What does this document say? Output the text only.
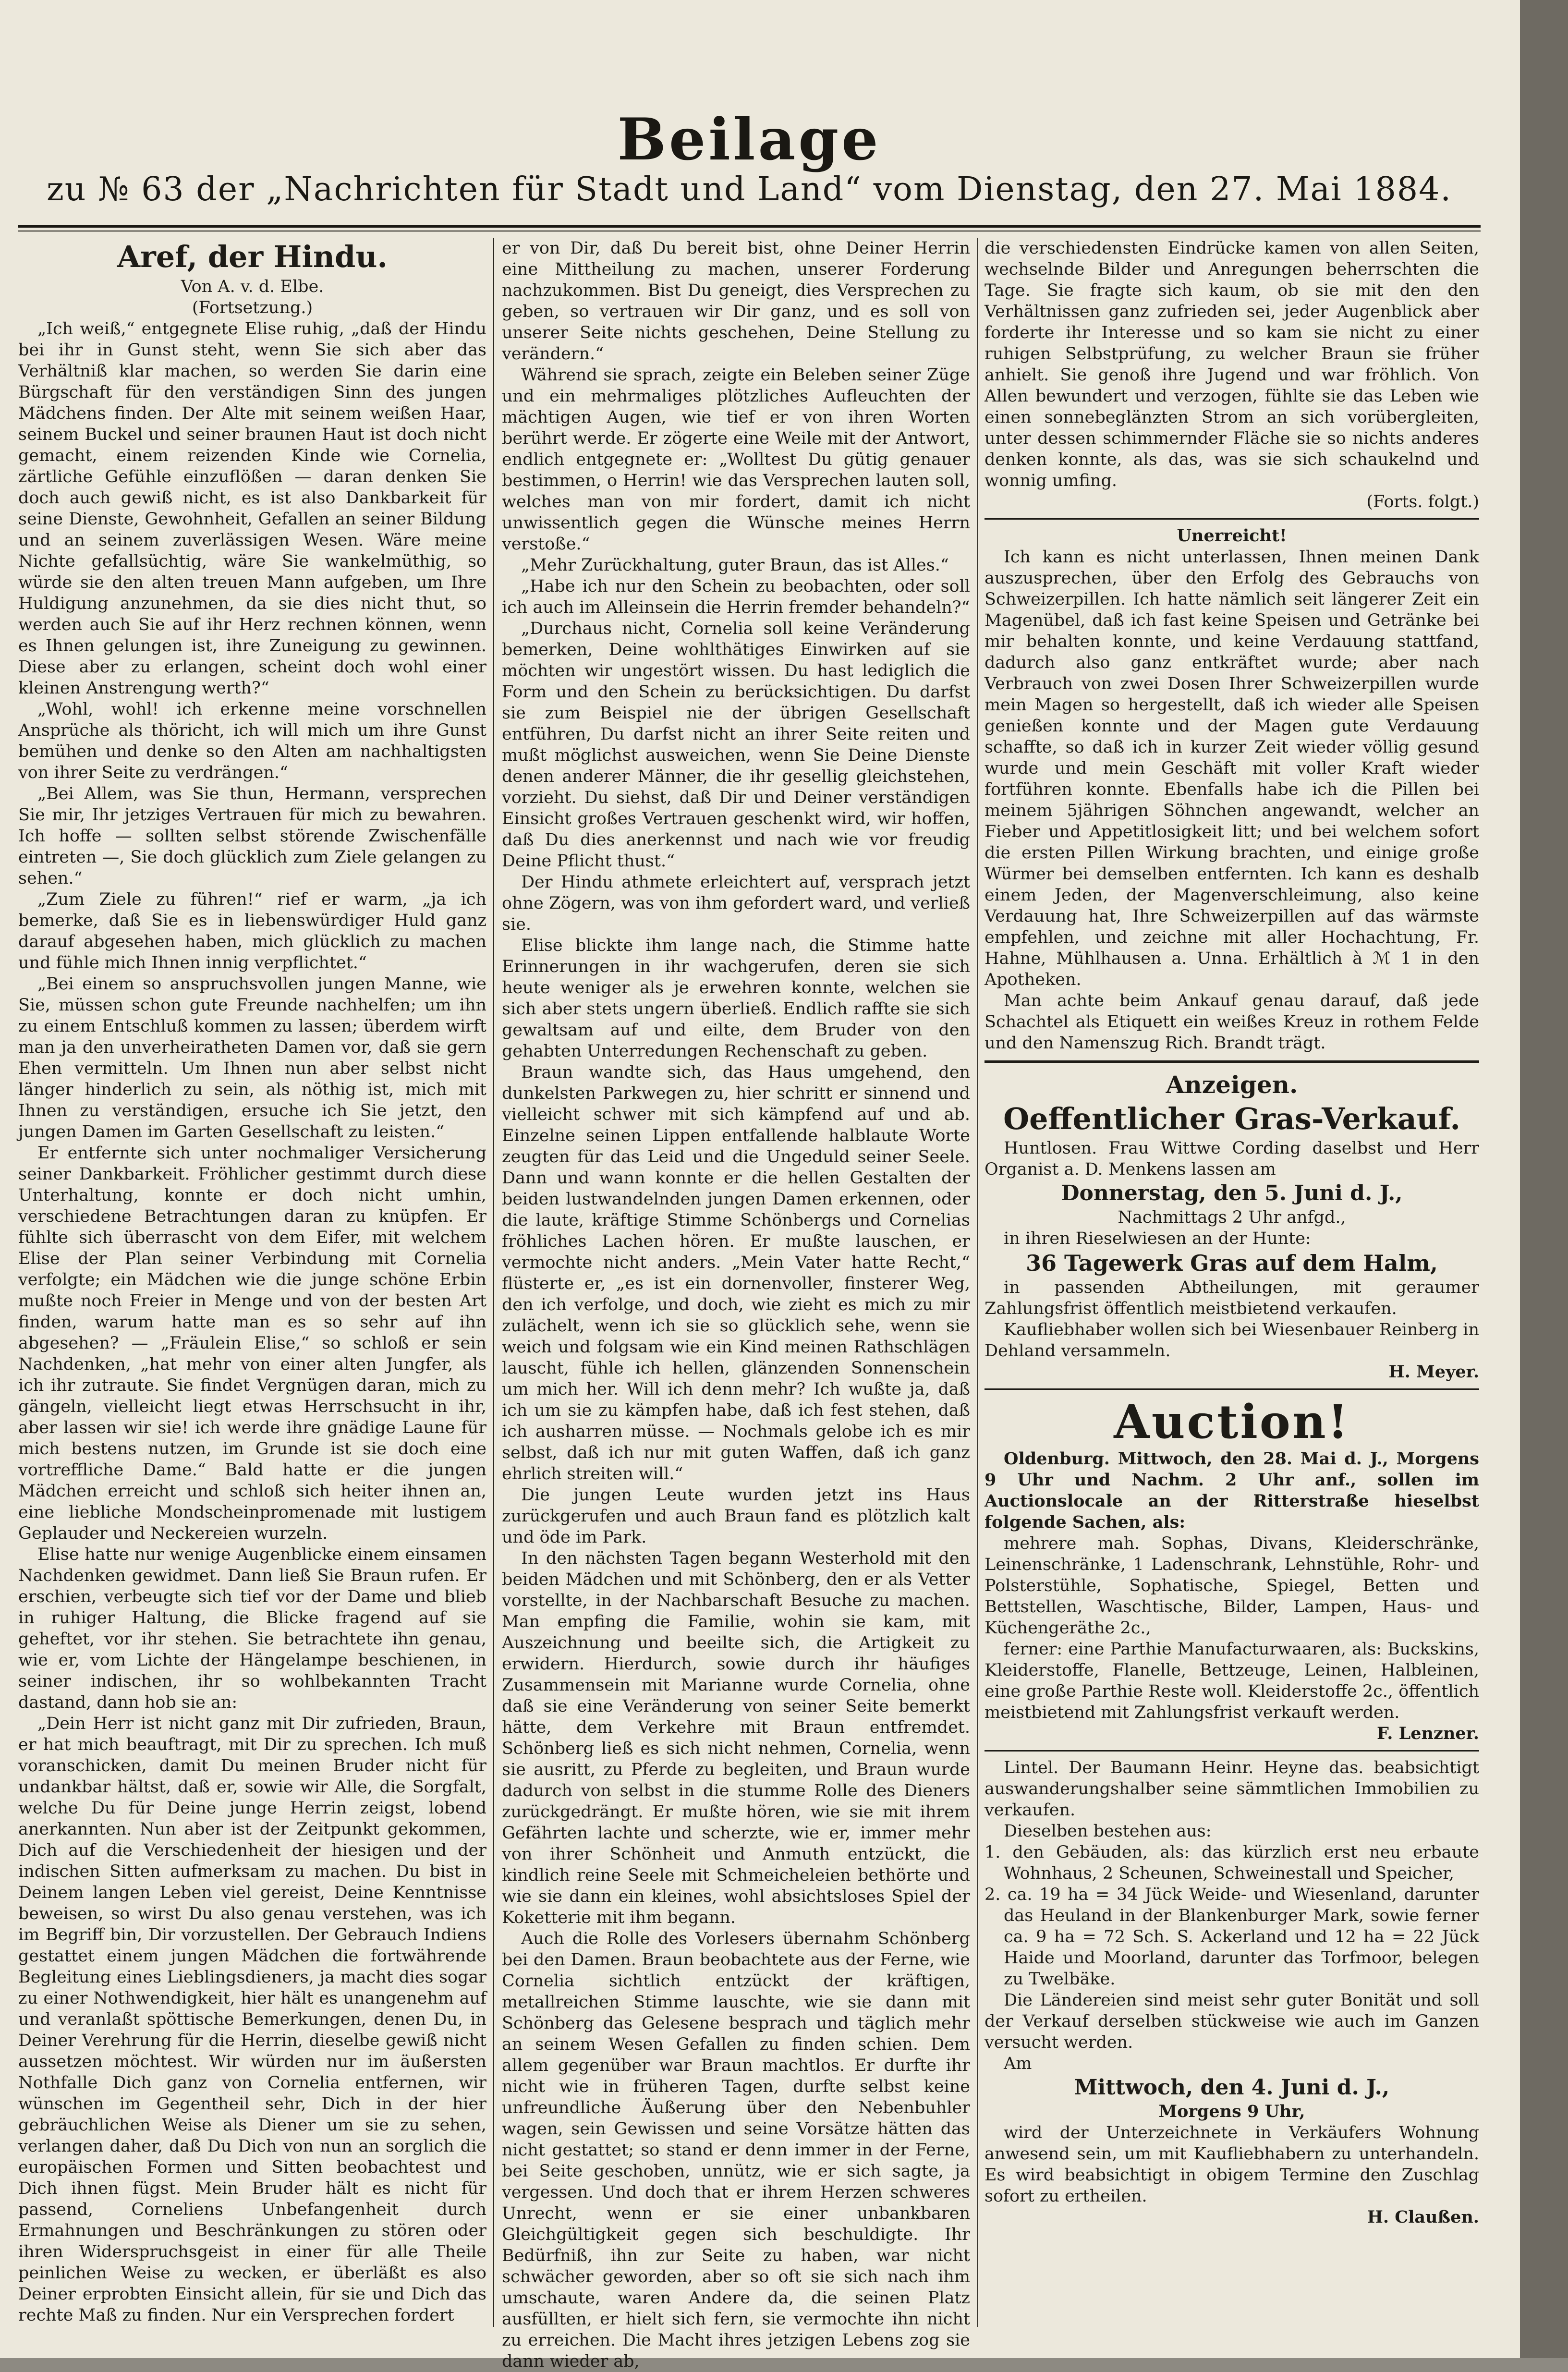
Beilage
zu № 63 der „Nachrichten für Stadt und Land“ vom Dienstag, den 27. Mai 1884.

Aref, der Hindu.

Von A. v. d. Elbe.

(Fortsetzung.)

„Ich weiß,“ entgegnete Elise ruhig, „daß der Hindu bei ihr in Gunst steht, wenn Sie sich aber das Verhältniß klar machen, so werden Sie darin eine Bürgschaft für den verständigen Sinn des jungen Mädchens finden. Der Alte mit seinem weißen Haar, seinem Buckel und seiner braunen Haut ist doch nicht gemacht, einem reizenden Kinde wie Cornelia, zärtliche Gefühle einzuflößen — daran denken Sie doch auch gewiß nicht, es ist also Dankbarkeit für seine Dienste, Gewohnheit, Gefallen an seiner Bildung und an seinem zuverlässigen Wesen. Wäre meine Nichte gefallsüchtig, wäre Sie wankelmüthig, so würde sie den alten treuen Mann aufgeben, um Ihre Huldigung anzunehmen, da sie dies nicht thut, so werden auch Sie auf ihr Herz rechnen können, wenn es Ihnen gelungen ist, ihre Zuneigung zu gewinnen. Diese aber zu erlangen, scheint doch wohl einer kleinen Anstrengung werth?“

„Wohl, wohl! ich erkenne meine vorschnellen Ansprüche als thöricht, ich will mich um ihre Gunst bemühen und denke so den Alten am nachhaltigsten von ihrer Seite zu verdrängen.“

„Bei Allem, was Sie thun, Hermann, versprechen Sie mir, Ihr jetziges Vertrauen für mich zu bewahren. Ich hoffe — sollten selbst störende Zwischenfälle eintreten —, Sie doch glücklich zum Ziele gelangen zu sehen.“

„Zum Ziele zu führen!“ rief er warm, „ja ich bemerke, daß Sie es in liebenswürdiger Huld ganz darauf abgesehen haben, mich glücklich zu machen und fühle mich Ihnen innig verpflichtet.“

„Bei einem so anspruchsvollen jungen Manne, wie Sie, müssen schon gute Freunde nachhelfen; um ihn zu einem Entschluß kommen zu lassen; überdem wirft man ja den unverheiratheten Damen vor, daß sie gern Ehen vermitteln. Um Ihnen nun aber selbst nicht länger hinderlich zu sein, als nöthig ist, mich mit Ihnen zu verständigen, ersuche ich Sie jetzt, den jungen Damen im Garten Gesellschaft zu leisten.“

Er entfernte sich unter nochmaliger Versicherung seiner Dankbarkeit. Fröhlicher gestimmt durch diese Unterhaltung, konnte er doch nicht umhin, verschiedene Betrachtungen daran zu knüpfen. Er fühlte sich überrascht von dem Eifer, mit welchem Elise der Plan seiner Verbindung mit Cornelia verfolgte; ein Mädchen wie die junge schöne Erbin mußte noch Freier in Menge und von der besten Art finden, warum hatte man es so sehr auf ihn abgesehen? — „Fräulein Elise,“ so schloß er sein Nachdenken, „hat mehr von einer alten Jungfer, als ich ihr zutraute. Sie findet Vergnügen daran, mich zu gängeln, vielleicht liegt etwas Herrschsucht in ihr, aber lassen wir sie! ich werde ihre gnädige Laune für mich bestens nutzen, im Grunde ist sie doch eine vortreffliche Dame.“ Bald hatte er die jungen Mädchen erreicht und schloß sich heiter ihnen an, eine liebliche Mondscheinpromenade mit lustigem Geplauder und Neckereien wurzeln.

Elise hatte nur wenige Augenblicke einem einsamen Nachdenken gewidmet. Dann ließ Sie Braun rufen. Er erschien, verbeugte sich tief vor der Dame und blieb in ruhiger Haltung, die Blicke fragend auf sie geheftet, vor ihr stehen. Sie betrachtete ihn genau, wie er, vom Lichte der Hängelampe beschienen, in seiner indischen, ihr so wohlbekannten Tracht dastand, dann hob sie an:

„Dein Herr ist nicht ganz mit Dir zufrieden, Braun, er hat mich beauftragt, mit Dir zu sprechen. Ich muß voranschicken, damit Du meinen Bruder nicht für undankbar hältst, daß er, sowie wir Alle, die Sorgfalt, welche Du für Deine junge Herrin zeigst, lobend anerkannten. Nun aber ist der Zeitpunkt gekommen, Dich auf die Verschiedenheit der hiesigen und der indischen Sitten aufmerksam zu machen. Du bist in Deinem langen Leben viel gereist, Deine Kenntnisse beweisen, so wirst Du also genau verstehen, was ich im Begriff bin, Dir vorzustellen. Der Gebrauch Indiens gestattet einem jungen Mädchen die fortwährende Begleitung eines Lieblingsdieners, ja macht dies sogar zu einer Nothwendigkeit, hier hält es unangenehm auf und veranlaßt spöttische Bemerkungen, denen Du, in Deiner Verehrung für die Herrin, dieselbe gewiß nicht aussetzen möchtest. Wir würden nur im äußersten Nothfalle Dich ganz von Cornelia entfernen, wir wünschen im Gegentheil sehr, Dich in der hier gebräuchlichen Weise als Diener um sie zu sehen, verlangen daher, daß Du Dich von nun an sorglich die europäischen Formen und Sitten beobachtest und Dich ihnen fügst. Mein Bruder hält es nicht für passend, Corneliens Unbefangenheit durch Ermahnungen und Beschränkungen zu stören oder ihren Widerspruchsgeist in einer für alle Theile peinlichen Weise zu wecken, er überläßt es also Deiner erprobten Einsicht allein, für sie und Dich das rechte Maß zu finden. Nur ein Versprechen fordert

er von Dir, daß Du bereit bist, ohne Deiner Herrin eine Mittheilung zu machen, unserer Forderung nachzukommen. Bist Du geneigt, dies Versprechen zu geben, so vertrauen wir Dir ganz, und es soll von unserer Seite nichts geschehen, Deine Stellung zu verändern.“

Während sie sprach, zeigte ein Beleben seiner Züge und ein mehrmaliges plötzliches Aufleuchten der mächtigen Augen, wie tief er von ihren Worten berührt werde. Er zögerte eine Weile mit der Antwort, endlich entgegnete er: „Wolltest Du gütig genauer bestimmen, o Herrin! wie das Versprechen lauten soll, welches man von mir fordert, damit ich nicht unwissentlich gegen die Wünsche meines Herrn verstoße.“

„Mehr Zurückhaltung, guter Braun, das ist Alles.“

„Habe ich nur den Schein zu beobachten, oder soll ich auch im Alleinsein die Herrin fremder behandeln?“

„Durchaus nicht, Cornelia soll keine Veränderung bemerken, Deine wohlthätiges Einwirken auf sie möchten wir ungestört wissen. Du hast lediglich die Form und den Schein zu berücksichtigen. Du darfst sie zum Beispiel nie der übrigen Gesellschaft entführen, Du darfst nicht an ihrer Seite reiten und mußt möglichst ausweichen, wenn Sie Deine Dienste denen anderer Männer, die ihr gesellig gleichstehen, vorzieht. Du siehst, daß Dir und Deiner verständigen Einsicht großes Vertrauen geschenkt wird, wir hoffen, daß Du dies anerkennst und nach wie vor freudig Deine Pflicht thust.“

Der Hindu athmete erleichtert auf, versprach jetzt ohne Zögern, was von ihm gefordert ward, und verließ sie.

Elise blickte ihm lange nach, die Stimme hatte Erinnerungen in ihr wachgerufen, deren sie sich heute weniger als je erwehren konnte, welchen sie sich aber stets ungern überließ. Endlich raffte sie sich gewaltsam auf und eilte, dem Bruder von den gehabten Unterredungen Rechenschaft zu geben.

Braun wandte sich, das Haus umgehend, den dunkelsten Parkwegen zu, hier schritt er sinnend und vielleicht schwer mit sich kämpfend auf und ab. Einzelne seinen Lippen entfallende halblaute Worte zeugten für das Leid und die Ungeduld seiner Seele. Dann und wann konnte er die hellen Gestalten der beiden lustwandelnden jungen Damen erkennen, oder die laute, kräftige Stimme Schönbergs und Cornelias fröhliches Lachen hören. Er mußte lauschen, er vermochte nicht anders. „Mein Vater hatte Recht,“ flüsterte er, „es ist ein dornenvoller, finsterer Weg, den ich verfolge, und doch, wie zieht es mich zu mir zulächelt, wenn ich sie so glücklich sehe, wenn sie weich und folgsam wie ein Kind meinen Rathschlägen lauscht, fühle ich hellen, glänzenden Sonnenschein um mich her. Will ich denn mehr? Ich wußte ja, daß ich um sie zu kämpfen habe, daß ich fest stehen, daß ich ausharren müsse. — Nochmals gelobe ich es mir selbst, daß ich nur mit guten Waffen, daß ich ganz ehrlich streiten will.“

Die jungen Leute wurden jetzt ins Haus zurückgerufen und auch Braun fand es plötzlich kalt und öde im Park.

In den nächsten Tagen begann Westerhold mit den beiden Mädchen und mit Schönberg, den er als Vetter vorstellte, in der Nachbarschaft Besuche zu machen. Man empfing die Familie, wohin sie kam, mit Auszeichnung und beeilte sich, die Artigkeit zu erwidern. Hierdurch, sowie durch ihr häufiges Zusammensein mit Marianne wurde Cornelia, ohne daß sie eine Veränderung von seiner Seite bemerkt hätte, dem Verkehre mit Braun entfremdet. Schönberg ließ es sich nicht nehmen, Cornelia, wenn sie ausritt, zu Pferde zu begleiten, und Braun wurde dadurch von selbst in die stumme Rolle des Dieners zurückgedrängt. Er mußte hören, wie sie mit ihrem Gefährten lachte und scherzte, wie er, immer mehr von ihrer Schönheit und Anmuth entzückt, die kindlich reine Seele mit Schmeicheleien bethörte und wie sie dann ein kleines, wohl absichtsloses Spiel der Koketterie mit ihm begann.

Auch die Rolle des Vorlesers übernahm Schönberg bei den Damen. Braun beobachtete aus der Ferne, wie Cornelia sichtlich entzückt der kräftigen, metallreichen Stimme lauschte, wie sie dann mit Schönberg das Gelesene besprach und täglich mehr an seinem Wesen Gefallen zu finden schien. Dem allem gegenüber war Braun machtlos. Er durfte ihr nicht wie in früheren Tagen, durfte selbst keine unfreundliche Äußerung über den Nebenbuhler wagen, sein Gewissen und seine Vorsätze hätten das nicht gestattet; so stand er denn immer in der Ferne, bei Seite geschoben, unnütz, wie er sich sagte, ja vergessen. Und doch that er ihrem Herzen schweres Unrecht, wenn er sie einer unbankbaren Gleichgültigkeit gegen sich beschuldigte. Ihr Bedürfniß, ihn zur Seite zu haben, war nicht schwächer geworden, aber so oft sie sich nach ihm umschaute, waren Andere da, die seinen Platz ausfüllten, er hielt sich fern, sie vermochte ihn nicht zu erreichen. Die Macht ihres jetzigen Lebens zog sie dann wieder ab,

die verschiedensten Eindrücke kamen von allen Seiten, wechselnde Bilder und Anregungen beherrschten die Tage. Sie fragte sich kaum, ob sie mit den den Verhältnissen ganz zufrieden sei, jeder Augenblick aber forderte ihr Interesse und so kam sie nicht zu einer ruhigen Selbstprüfung, zu welcher Braun sie früher anhielt. Sie genoß ihre Jugend und war fröhlich. Von Allen bewundert und verzogen, fühlte sie das Leben wie einen sonnebeglänzten Strom an sich vorübergleiten, unter dessen schimmernder Fläche sie so nichts anderes denken konnte, als das, was sie sich schaukelnd und wonnig umfing.

(Forts. folgt.)

Unerreicht!

Ich kann es nicht unterlassen, Ihnen meinen Dank auszusprechen, über den Erfolg des Gebrauchs von Schweizerpillen. Ich hatte nämlich seit längerer Zeit ein Magenübel, daß ich fast keine Speisen und Getränke bei mir behalten konnte, und keine Verdauung stattfand, dadurch also ganz entkräftet wurde; aber nach Verbrauch von zwei Dosen Ihrer Schweizerpillen wurde mein Magen so hergestellt, daß ich wieder alle Speisen genießen konnte und der Magen gute Verdauung schaffte, so daß ich in kurzer Zeit wieder völlig gesund wurde und mein Geschäft mit voller Kraft wieder fortführen konnte. Ebenfalls habe ich die Pillen bei meinem 5jährigen Söhnchen angewandt, welcher an Fieber und Appetitlosigkeit litt; und bei welchem sofort die ersten Pillen Wirkung brachten, und einige große Würmer bei demselben entfernten. Ich kann es deshalb einem Jeden, der Magenverschleimung, also keine Verdauung hat, Ihre Schweizerpillen auf das wärmste empfehlen, und zeichne mit aller Hochachtung, Fr. Hahne, Mühlhausen a. Unna. Erhältlich à ℳ 1 in den Apotheken.

Man achte beim Ankauf genau darauf, daß jede Schachtel als Etiquett ein weißes Kreuz in rothem Felde und den Namenszug Rich. Brandt trägt.

Anzeigen.

Oeffentlicher Gras-Verkauf.

Huntlosen. Frau Wittwe Cording daselbst und Herr Organist a. D. Menkens lassen am

Donnerstag, den 5. Juni d. J.,

Nachmittags 2 Uhr anfgd.,

in ihren Rieselwiesen an der Hunte:

36 Tagewerk Gras auf dem Halm,

in passenden Abtheilungen, mit geraumer Zahlungsfrist öffentlich meistbietend verkaufen.

Kaufliebhaber wollen sich bei Wiesenbauer Reinberg in Dehland versammeln.

H. Meyer.

Auction!

Oldenburg. Mittwoch, den 28. Mai d. J., Morgens 9 Uhr und Nachm. 2 Uhr anf., sollen im Auctionslocale an der Ritterstraße hieselbst folgende Sachen, als:

mehrere mah. Sophas, Divans, Kleiderschränke, Leinenschränke, 1 Ladenschrank, Lehnstühle, Rohr- und Polsterstühle, Sophatische, Spiegel, Betten und Bettstellen, Waschtische, Bilder, Lampen, Haus- und Küchengeräthe 2c.,

ferner: eine Parthie Manufacturwaaren, als: Buckskins, Kleiderstoffe, Flanelle, Bettzeuge, Leinen, Halbleinen, eine große Parthie Reste woll. Kleiderstoffe 2c., öffentlich meistbietend mit Zahlungsfrist verkauft werden.

F. Lenzner.

Lintel. Der Baumann Heinr. Heyne das. beabsichtigt auswanderungshalber seine sämmtlichen Immobilien zu verkaufen.

Dieselben bestehen aus:

1. den Gebäuden, als: das kürzlich erst neu erbaute Wohnhaus, 2 Scheunen, Schweinestall und Speicher,

2. ca. 19 ha = 34 Jück Weide- und Wiesenland, darunter das Heuland in der Blankenburger Mark, sowie ferner ca. 9 ha = 72 Sch. S. Ackerland und 12 ha = 22 Jück Haide und Moorland, darunter das Torfmoor, belegen zu Twelbäke.

Die Ländereien sind meist sehr guter Bonität und soll der Verkauf derselben stückweise wie auch im Ganzen versucht werden.

Am

Mittwoch, den 4. Juni d. J.,

Morgens 9 Uhr,

wird der Unterzeichnete in Verkäufers Wohnung anwesend sein, um mit Kaufliebhabern zu unterhandeln. Es wird beabsichtigt in obigem Termine den Zuschlag sofort zu ertheilen.

H. Claußen.
